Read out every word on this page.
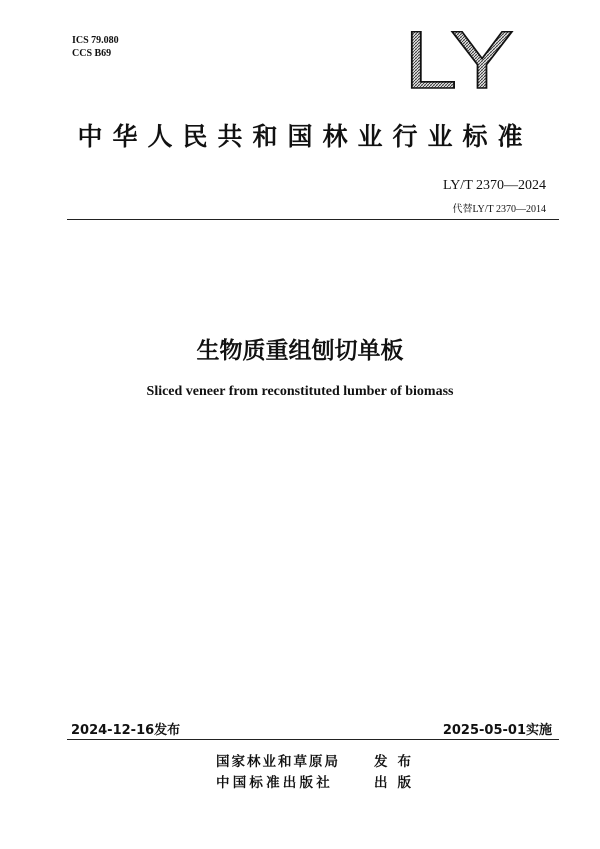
ICS 79.080
CCS B69	LY
中华人民共和国林业行业标准
LY/T 2370—2024
代替LY/T 2370—2014
生物质重组刨切单板
Sliced veneer from reconstituted lumber of biomass
2024-12-16发布	2025-05-01实施
国家林业和草原局	发布
中国标准出版社	出版
